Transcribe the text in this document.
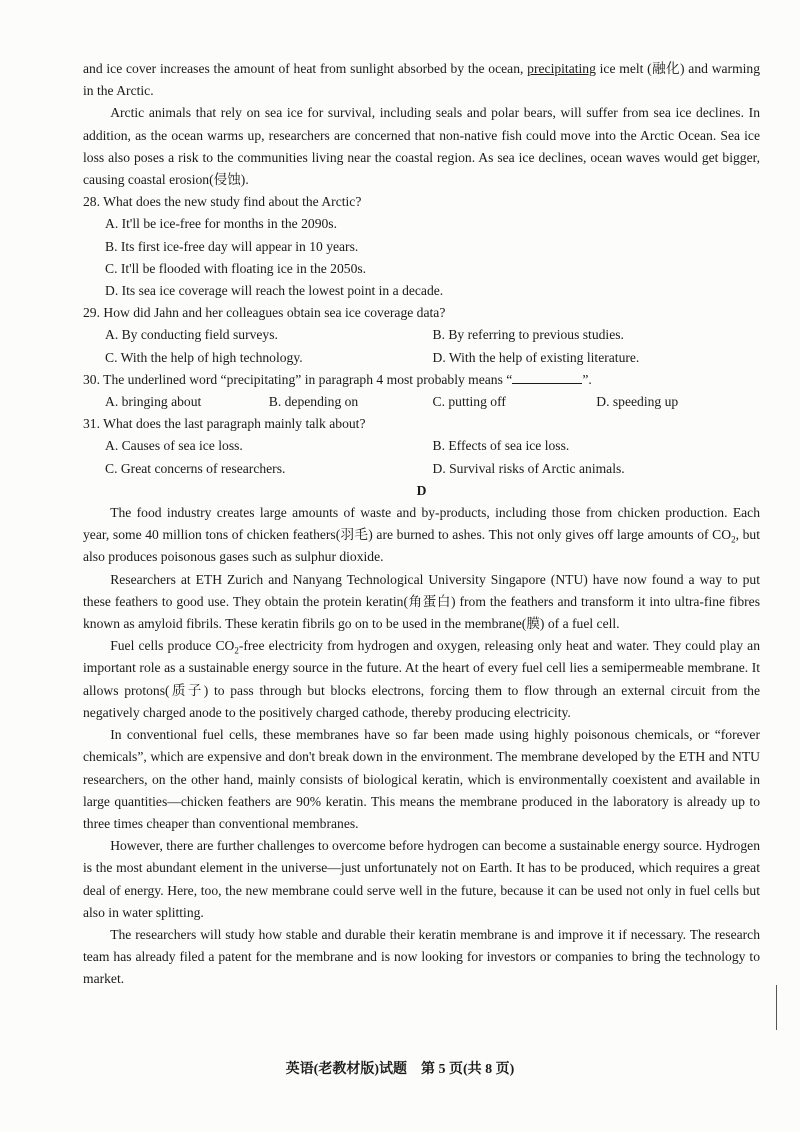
and ice cover increases the amount of heat from sunlight absorbed by the ocean, precipitating ice melt (融化) and warming in the Arctic.

Arctic animals that rely on sea ice for survival, including seals and polar bears, will suffer from sea ice declines. In addition, as the ocean warms up, researchers are concerned that non-native fish could move into the Arctic Ocean. Sea ice loss also poses a risk to the communities living near the coastal region. As sea ice declines, ocean waves would get bigger, causing coastal erosion(侵蚀).

28. What does the new study find about the Arctic?
A. It'll be ice-free for months in the 2090s.
B. Its first ice-free day will appear in 10 years.
C. It'll be flooded with floating ice in the 2050s.
D. Its sea ice coverage will reach the lowest point in a decade.
29. How did Jahn and her colleagues obtain sea ice coverage data?
A. By conducting field surveys.	B. By referring to previous studies.
C. With the help of high technology.	D. With the help of existing literature.
30. The underlined word “precipitating” in paragraph 4 most probably means “	”.
A. bringing about	B. depending on	C. putting off	D. speeding up
31. What does the last paragraph mainly talk about?
A. Causes of sea ice loss.	B. Effects of sea ice loss.
C. Great concerns of researchers.	D. Survival risks of Arctic animals.
D

The food industry creates large amounts of waste and by-products, including those from chicken production. Each year, some 40 million tons of chicken feathers(羽毛) are burned to ashes. This not only gives off large amounts of $CO_2$, but also produces poisonous gases such as sulphur dioxide.

Researchers at ETH Zurich and Nanyang Technological University Singapore (NTU) have now found a way to put these feathers to good use. They obtain the protein keratin(角蛋白) from the feathers and transform it into ultra-fine fibres known as amyloid fibrils. These keratin fibrils go on to be used in the membrane(膜) of a fuel cell.

Fuel cells produce $CO_2$-free electricity from hydrogen and oxygen, releasing only heat and water. They could play an important role as a sustainable energy source in the future. At the heart of every fuel cell lies a semipermeable membrane. It allows protons(质子) to pass through but blocks electrons, forcing them to flow through an external circuit from the negatively charged anode to the positively charged cathode, thereby producing electricity.

In conventional fuel cells, these membranes have so far been made using highly poisonous chemicals, or “forever chemicals”, which are expensive and don't break down in the environment. The membrane developed by the ETH and NTU researchers, on the other hand, mainly consists of biological keratin, which is environmentally coexistent and available in large quantities—chicken feathers are 90% keratin. This means the membrane produced in the laboratory is already up to three times cheaper than conventional membranes.

However, there are further challenges to overcome before hydrogen can become a sustainable energy source. Hydrogen is the most abundant element in the universe—just unfortunately not on Earth. It has to be produced, which requires a great deal of energy. Here, too, the new membrane could serve well in the future, because it can be used not only in fuel cells but also in water splitting.

The researchers will study how stable and durable their keratin membrane is and improve it if necessary. The research team has already filed a patent for the membrane and is now looking for investors or companies to bring the technology to market.

英语(老教材版)试题　第 5 页(共 8 页)
